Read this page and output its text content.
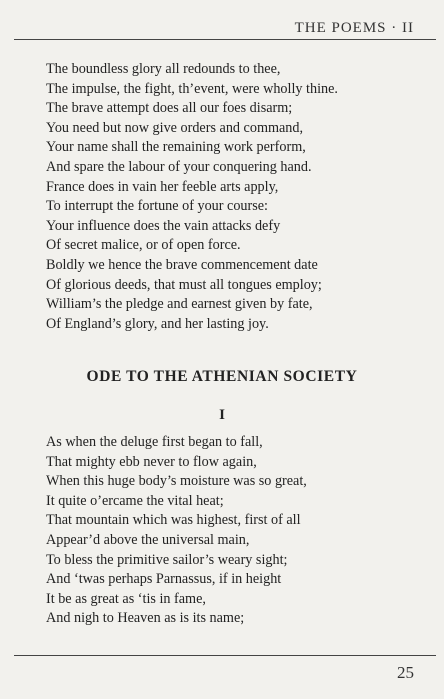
THE POEMS · II
The boundless glory all redounds to thee,
The impulse, the fight, th’event, were wholly thine.
The brave attempt does all our foes disarm;
You need but now give orders and command,
Your name shall the remaining work perform,
And spare the labour of your conquering hand.
France does in vain her feeble arts apply,
To interrupt the fortune of your course:
Your influence does the vain attacks defy
Of secret malice, or of open force.
Boldly we hence the brave commencement date
Of glorious deeds, that must all tongues employ;
William’s the pledge and earnest given by fate,
Of England’s glory, and her lasting joy.
ODE TO THE ATHENIAN SOCIETY
I
As when the deluge first began to fall,
That mighty ebb never to flow again,
When this huge body’s moisture was so great,
It quite o’ercame the vital heat;
That mountain which was highest, first of all
Appear’d above the universal main,
To bless the primitive sailor’s weary sight;
And ‘twas perhaps Parnassus, if in height
It be as great as ‘tis in fame,
And nigh to Heaven as is its name;
25
